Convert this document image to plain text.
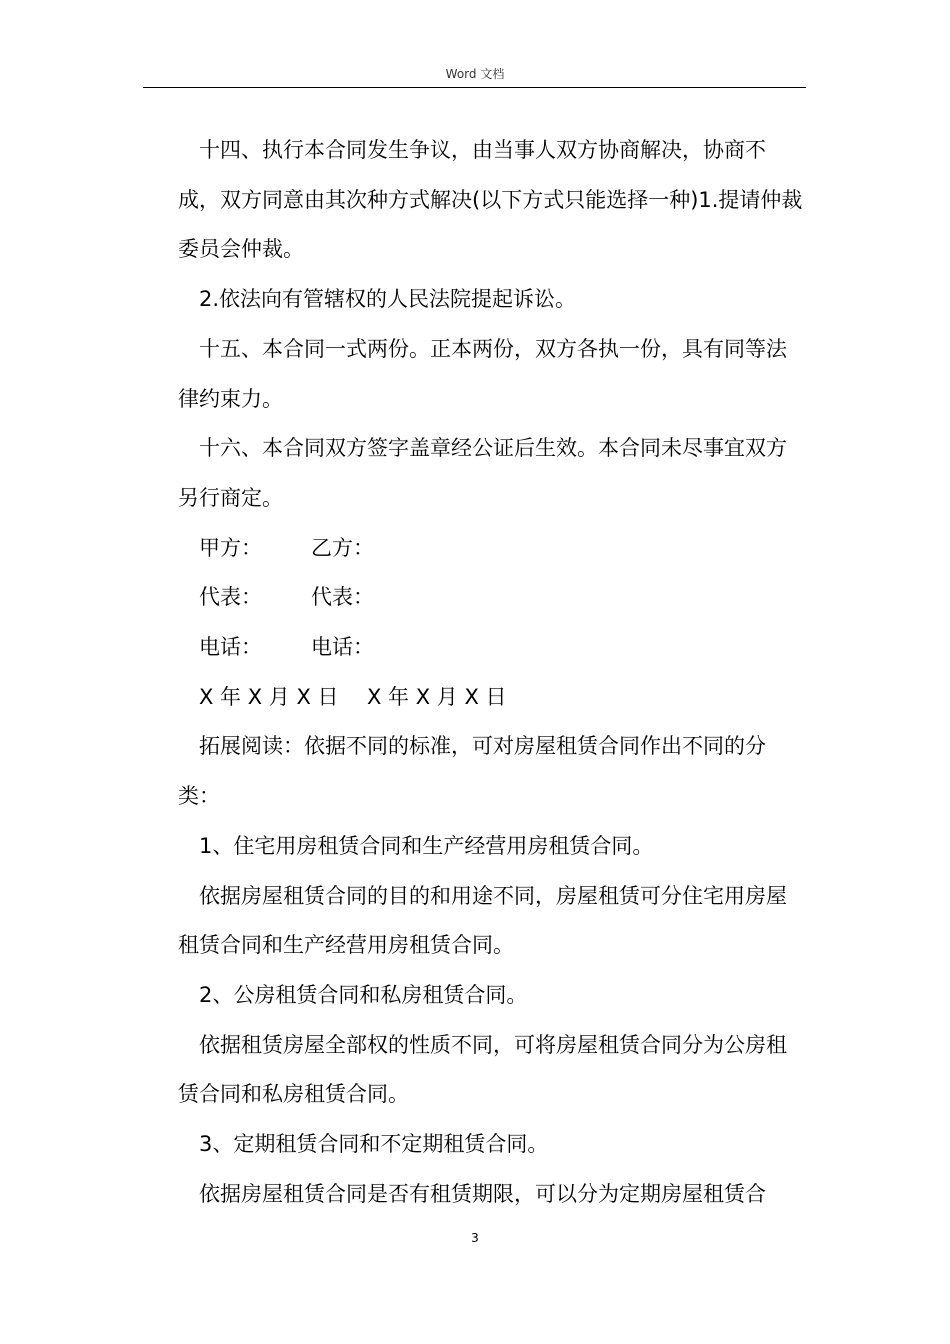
Word 文档

十四、执行本合同发生争议，由当事人双方协商解决，协商不成，双方同意由其次种方式解决(以下方式只能选择一种)1.提请仲裁委员会仲裁。

2.依法向有管辖权的人民法院提起诉讼。

十五、本合同一式两份。正本两份，双方各执一份，具有同等法律约束力。

十六、本合同双方签字盖章经公证后生效。本合同未尽事宜双方另行商定。

甲方：	乙方：
代表：	代表：
电话：	电话：
X 年 X 月 X 日	X 年 X 月 X 日

拓展阅读：依据不同的标准，可对房屋租赁合同作出不同的分类：

1、住宅用房租赁合同和生产经营用房租赁合同。

依据房屋租赁合同的目的和用途不同，房屋租赁可分住宅用房屋租赁合同和生产经营用房租赁合同。

2、公房租赁合同和私房租赁合同。

依据租赁房屋全部权的性质不同，可将房屋租赁合同分为公房租赁合同和私房租赁合同。

3、定期租赁合同和不定期租赁合同。

依据房屋租赁合同是否有租赁期限，可以分为定期房屋租赁合

3
